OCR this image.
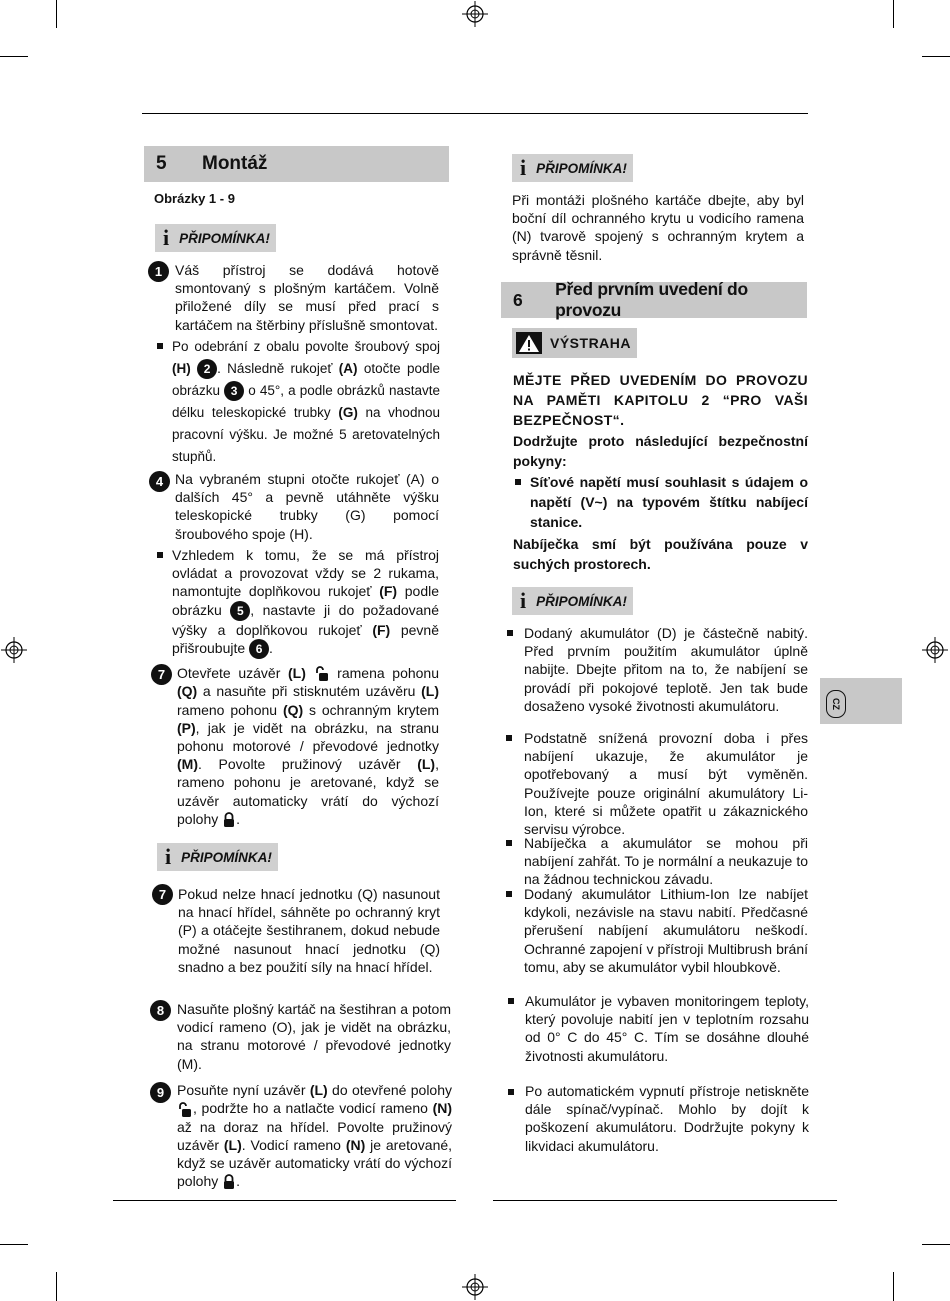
5	Montáž
Obrázky 1 - 9
i PŘIPOMÍNKA!
1 Váš přístroj se dodává hotově smontovaný s plošným kartáčem. Volně přiložené díly se musí před prací s kartáčem na štěrbiny příslušně smontovat.
Po odebrání z obalu povolte šroubový spoj (H) 2 . Následně rukojeť (A) otočte podle obrázku 3 o 45°, a podle obrázků nastavte délku teleskopické trubky (G) na vhodnou pracovní výšku. Je možné 5 aretovatelných stupňů.
4 Na vybraném stupni otočte rukojeť (A) o dalších 45° a pevně utáhněte výšku teleskopické trubky (G) pomocí šroubového spoje (H).
Vzhledem k tomu, že se má přístroj ovládat a provozovat vždy se 2 rukama, namontujte doplňkovou rukojeť (F) podle obrázku 5 , nastavte ji do požadované výšky a doplňkovou rukojeť (F) pevně přišroubujte 6 .
7 Otevřete uzávěr (L) ramena pohonu (Q) a nasuňte při stisknutém uzávěru (L) rameno pohonu (Q) s ochranným krytem (P), jak je vidět na obrázku, na stranu pohonu motorové / převodové jednotky (M). Povolte pružinový uzávěr (L), rameno pohonu je aretované, když se uzávěr automaticky vrátí do výchozí polohy .
i PŘIPOMÍNKA!
7 Pokud nelze hnací jednotku (Q) nasunout na hnací hřídel, sáhněte po ochranný kryt (P) a otáčejte šestihranem, dokud nebude možné nasunout hnací jednotku (Q) snadno a bez použití síly na hnací hřídel.
8 Nasuňte plošný kartáč na šestihran a potom vodicí rameno (O), jak je vidět na obrázku, na stranu motorové / převodové jednotky (M).
9 Posuňte nyní uzávěr (L) do otevřené polohy , podržte ho a natlačte vodicí rameno (N) až na doraz na hřídel. Povolte pružinový uzávěr (L). Vodicí rameno (N) je aretované, když se uzávěr automaticky vrátí do výchozí polohy .
i PŘIPOMÍNKA!
Při montáži plošného kartáče dbejte, aby byl boční díl ochranného krytu u vodicího ramena (N) tvarově spojený s ochranným krytem a správně těsnil.
6
Před prvním uvedení do provozu
VÝSTRAHA
MĚJTE PŘED UVEDENÍM DO PROVOZU NA PAMĚTI KAPITOLU 2 “PRO VAŠI BEZPEČNOST“.
Dodržujte proto následující bezpečnostní pokyny:
Síťové napětí musí souhlasit s údajem o napětí (V~) na typovém štítku nabíjecí stanice.
Nabíječka smí být používána pouze v suchých prostorech.
i PŘIPOMÍNKA!
Dodaný akumulátor (D) je částečně nabitý. Před prvním použitím akumulátor úplně nabijte. Dbejte přitom na to, že nabíjení se provádí při pokojové teplotě. Jen tak bude dosaženo vysoké životnosti akumulátoru.
Podstatně snížená provozní doba i přes nabíjení ukazuje, že akumulátor je opotřebovaný a musí být vyměněn. Používejte pouze originální akumulátory Li-Ion, které si můžete opatřit u zákaznického servisu výrobce.
Nabíječka a akumulátor se mohou při nabíjení zahřát. To je normální a neukazuje to na žádnou technickou závadu.
Dodaný akumulátor Lithium-Ion lze nabíjet kdykoli, nezávisle na stavu nabití. Předčasné přerušení nabíjení akumulátoru neškodí. Ochranné zapojení v přístroji Multibrush brání tomu, aby se akumulátor vybil hloubkově.
Akumulátor je vybaven monitoringem teploty, který povoluje nabití jen v teplotním rozsahu od 0° C do 45° C. Tím se dosáhne dlouhé životnosti akumulátoru.
Po automatickém vypnutí přístroje netiskněte dále spínač/vypínač. Mohlo by dojít k poškození akumulátoru. Dodržujte pokyny k likvidaci akumulátoru.
CZ
